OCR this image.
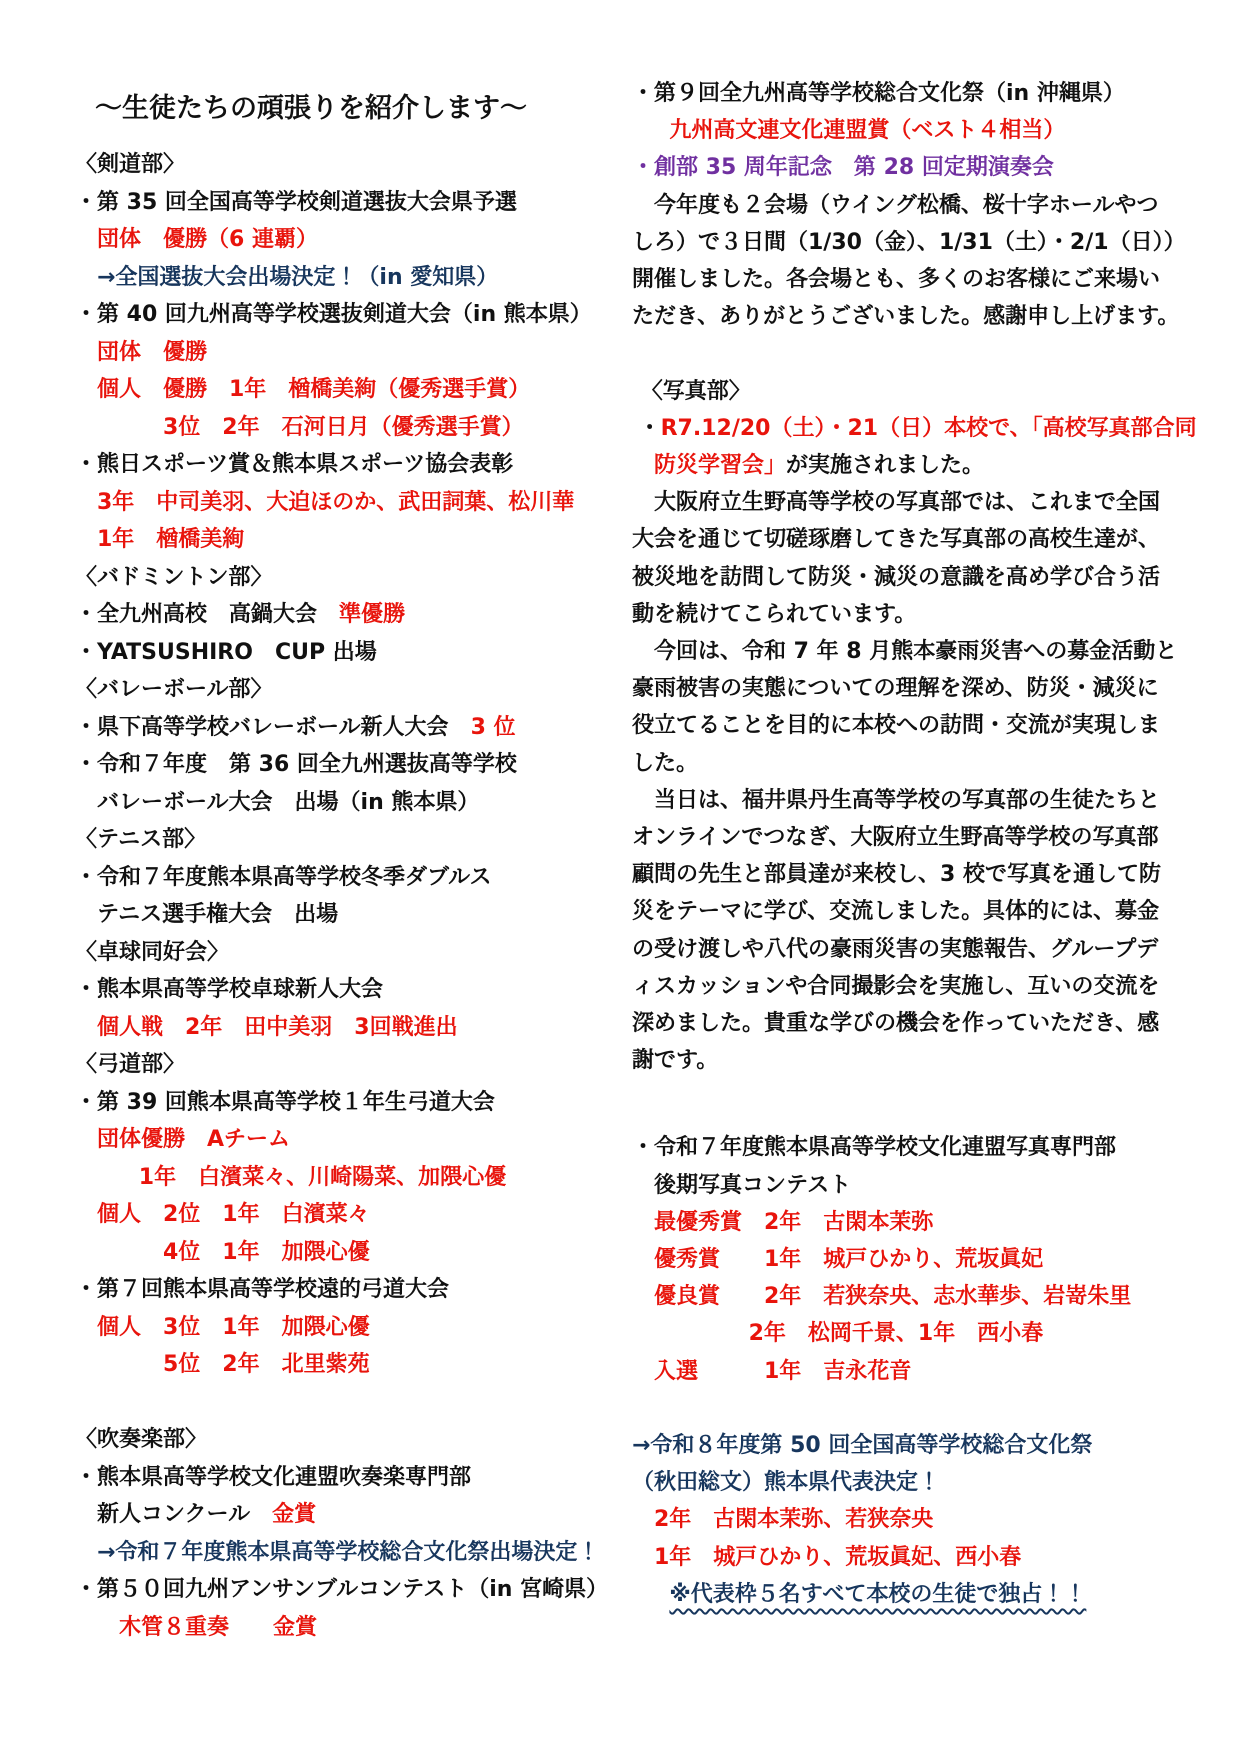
～生徒たちの頑張りを紹介します～
〈剣道部〉
・第 35 回全国高等学校剣道選抜大会県予選
団体　優勝（6 連覇）
→全国選抜大会出場決定！（in 愛知県）
・第 40 回九州高等学校選抜剣道大会（in 熊本県）
団体　優勝
個人　優勝　1年　楢橋美絢（優秀選手賞）
3位　2年　石河日月（優秀選手賞）
・熊日スポーツ賞＆熊本県スポーツ協会表彰
3年　中司美羽、大迫ほのか、武田詞葉、松川華
1年　楢橋美絢
〈バドミントン部〉
・全九州高校　高鍋大会　準優勝
・YATSUSHIRO　CUP 出場
〈バレーボール部〉
・県下高等学校バレーボール新人大会　3 位
・令和７年度　第 36 回全九州選抜高等学校
バレーボール大会　出場（in 熊本県）
〈テニス部〉
・令和７年度熊本県高等学校冬季ダブルス
テニス選手権大会　出場
〈卓球同好会〉
・熊本県高等学校卓球新人大会
個人戦　2年　田中美羽　3回戦進出
〈弓道部〉
・第 39 回熊本県高等学校１年生弓道大会
団体優勝　Aチーム
1年　白濱菜々、川崎陽菜、加隈心優
個人　2位　1年　白濱菜々
4位　1年　加隈心優
・第７回熊本県高等学校遠的弓道大会
個人　3位　1年　加隈心優
5位　2年　北里紫苑
〈吹奏楽部〉
・熊本県高等学校文化連盟吹奏楽専門部
新人コンクール　金賞
→令和７年度熊本県高等学校総合文化祭出場決定！
・第５０回九州アンサンブルコンテスト（in 宮崎県）
木管８重奏　　金賞
・第９回全九州高等学校総合文化祭（in 沖縄県）
九州高文連文化連盟賞（ベスト４相当）
・創部 35 周年記念　第 28 回定期演奏会
今年度も２会場（ウイング松橋、桜十字ホールやつ
しろ）で３日間（1/30（金）、1/31（土）・2/1（日））
開催しました。各会場とも、多くのお客様にご来場い
ただき、ありがとうございました。感謝申し上げます。
〈写真部〉
・R7.12/20（土）・21（日）本校で、「高校写真部合同
防災学習会」が実施されました。
大阪府立生野高等学校の写真部では、これまで全国
大会を通じて切磋琢磨してきた写真部の高校生達が、
被災地を訪問して防災・減災の意識を高め学び合う活
動を続けてこられています。
今回は、令和 7 年 8 月熊本豪雨災害への募金活動と
豪雨被害の実態についての理解を深め、防災・減災に
役立てることを目的に本校への訪問・交流が実現しま
した。
当日は、福井県丹生高等学校の写真部の生徒たちと
オンラインでつなぎ、大阪府立生野高等学校の写真部
顧問の先生と部員達が来校し、3 校で写真を通して防
災をテーマに学び、交流しました。具体的には、募金
の受け渡しや八代の豪雨災害の実態報告、グループデ
ィスカッションや合同撮影会を実施し、互いの交流を
深めました。貴重な学びの機会を作っていただき、感
謝です。
・令和７年度熊本県高等学校文化連盟写真専門部
後期写真コンテスト
最優秀賞　2年　古閑本茉弥
優秀賞　　1年　城戸ひかり、荒坂眞妃
優良賞　　2年　若狭奈央、志水華歩、岩嵜朱里
2年　松岡千景、1年　西小春
入選　　　1年　吉永花音
→令和８年度第 50 回全国高等学校総合文化祭
（秋田総文）熊本県代表決定！
2年　古閑本茉弥、若狭奈央
1年　城戸ひかり、荒坂眞妃、西小春
※代表枠５名すべて本校の生徒で独占！！
